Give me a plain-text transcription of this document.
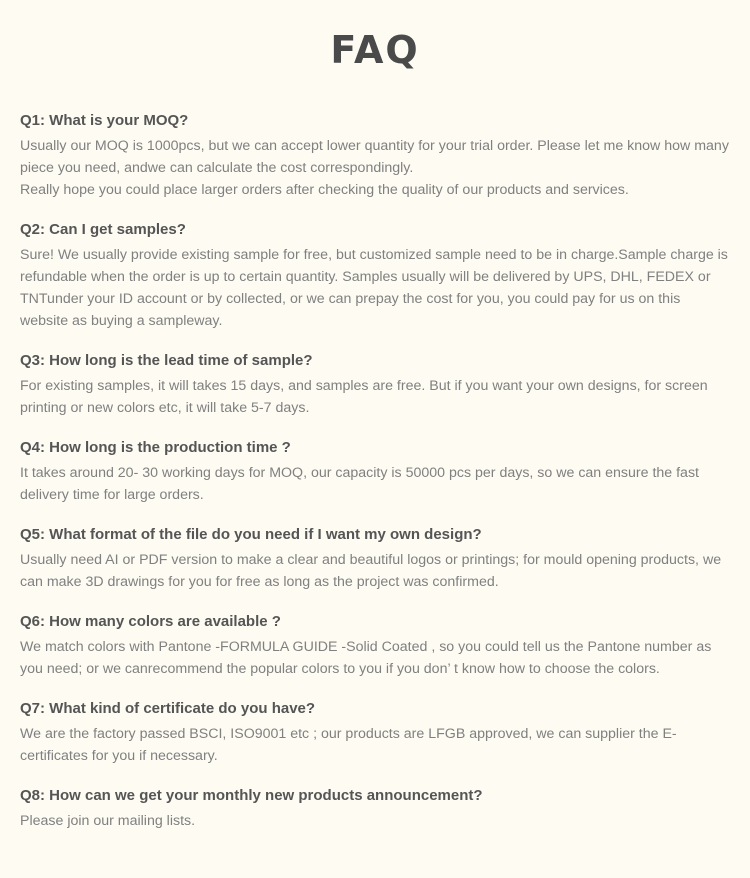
FAQ
Q1: What is your MOQ?

Usually our MOQ is 1000pcs, but we can accept lower quantity for your trial order. Please let me know how many piece you need, andwe can calculate the cost correspondingly.

Really hope you could place larger orders after checking the quality of our products and services.

Q2: Can I get samples?

Sure! We usually provide existing sample for free, but customized sample need to be in charge.Sample charge is refundable when the order is up to certain quantity. Samples usually will be delivered by UPS, DHL, FEDEX or TNTunder your ID account or by collected, or we can prepay the cost for you, you could pay for us on this website as buying a sampleway.

Q3: How long is the lead time of sample?

For existing samples, it will takes 15 days, and samples are free. But if you want your own designs, for screen printing or new colors etc, it will take 5-7 days.

Q4: How long is the production time ?

It takes around 20- 30 working days for MOQ, our capacity is 50000 pcs per days, so we can ensure the fast delivery time for large orders.

Q5: What format of the file do you need if I want my own design?

Usually need AI or PDF version to make a clear and beautiful logos or printings; for mould opening products, we can make 3D drawings for you for free as long as the project was confirmed.

Q6: How many colors are available ?

We match colors with Pantone -FORMULA GUIDE -Solid Coated , so you could tell us the Pantone number as you need; or we canrecommend the popular colors to you if you don’ t know how to choose the colors.

Q7: What kind of certificate do you have?

We are the factory passed BSCI, ISO9001 etc ; our products are LFGB approved, we can supplier the E-certificates for you if necessary.

Q8: How can we get your monthly new products announcement?

Please join our mailing lists.
